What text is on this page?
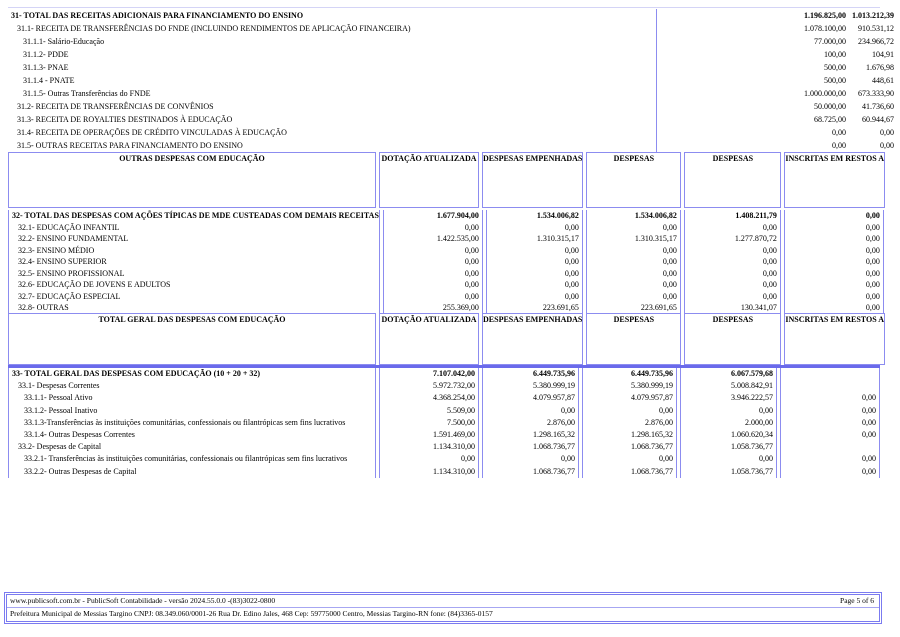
31- TOTAL DAS RECEITAS ADICIONAIS PARA FINANCIAMENTO DO ENSINO	1.196.825,00	1.013.212,39
31.1- RECEITA DE TRANSFERÊNCIAS DO FNDE (INCLUINDO RENDIMENTOS DE APLICAÇÃO FINANCEIRA)	1.078.100,00	910.531,12
31.1.1- Salário-Educação	77.000,00	234.966,72
31.1.2- PDDE	100,00	104,91
31.1.3- PNAE	500,00	1.676,98
31.1.4 - PNATE	500,00	448,61
31.1.5- Outras Transferências do FNDE	1.000.000,00	673.333,90
31.2- RECEITA DE TRANSFERÊNCIAS DE CONVÊNIOS	50.000,00	41.736,60
31.3- RECEITA DE ROYALTIES DESTINADOS À EDUCAÇÃO	68.725,00	60.944,67
31.4- RECEITA DE OPERAÇÕES DE CRÉDITO VINCULADAS À EDUCAÇÃO	0,00	0,00
31.5- OUTRAS RECEITAS PARA FINANCIAMENTO DO ENSINO	0,00	0,00
OUTRAS DESPESAS COM EDUCAÇÃO	DOTAÇÃO ATUALIZADA	DESPESAS EMPENHADAS	DESPESAS	DESPESAS	INSCRITAS EM RESTOS A
32- TOTAL DAS DESPESAS COM AÇÕES TÍPICAS DE MDE CUSTEADAS COM DEMAIS RECEITAS	1.677.904,00	1.534.006,82	1.534.006,82	1.408.211,79	0,00
32.1- EDUCAÇÃO INFANTIL	0,00	0,00	0,00	0,00	0,00
32.2- ENSINO FUNDAMENTAL	1.422.535,00	1.310.315,17	1.310.315,17	1.277.870,72	0,00
32.3- ENSINO MÉDIO	0,00	0,00	0,00	0,00	0,00
32.4- ENSINO SUPERIOR	0,00	0,00	0,00	0,00	0,00
32.5- ENSINO PROFISSIONAL	0,00	0,00	0,00	0,00	0,00
32.6- EDUCAÇÃO DE JOVENS E ADULTOS	0,00	0,00	0,00	0,00	0,00
32.7- EDUCAÇÃO ESPECIAL	0,00	0,00	0,00	0,00	0,00
32.8- OUTRAS	255.369,00	223.691,65	223.691,65	130.341,07	0,00
TOTAL GERAL DAS DESPESAS COM EDUCAÇÃO	DOTAÇÃO ATUALIZADA	DESPESAS EMPENHADAS	DESPESAS	DESPESAS	INSCRITAS EM RESTOS A
33- TOTAL GERAL DAS DESPESAS COM EDUCAÇÃO (10 + 20 + 32)	7.107.042,00	6.449.735,96	6.449.735,96	6.067.579,68	
33.1- Despesas Correntes	5.972.732,00	5.380.999,19	5.380.999,19	5.008.842,91	
33.1.1- Pessoal Ativo	4.368.254,00	4.079.957,87	4.079.957,87	3.946.222,57	0,00
33.1.2- Pessoal Inativo	5.509,00	0,00	0,00	0,00	0,00
33.1.3-Transferências às instituições comunitárias, confessionais ou filantrópicas sem fins lucrativos	7.500,00	2.876,00	2.876,00	2.000,00	0,00
33.1.4- Outras Despesas Correntes	1.591.469,00	1.298.165,32	1.298.165,32	1.060.620,34	0,00
33.2- Despesas de Capital	1.134.310,00	1.068.736,77	1.068.736,77	1.058.736,77	
33.2.1- Transferências às instituições comunitárias, confessionais ou filantrópicas sem fins lucrativos	0,00	0,00	0,00	0,00	0,00
33.2.2- Outras Despesas de Capital	1.134.310,00	1.068.736,77	1.068.736,77	1.058.736,77	0,00
www.publicsoft.com.br - PublicSoft Contabilidade - versão 2024.55.0.0 -(83)3022-0800	Page 5 of 6
Prefeitura Municipal de Messias Targino CNPJ: 08.349.060/0001-26 Rua Dr. Edino Jales, 468 Cep: 59775000 Centro, Messias Targino-RN fone: (84)3365-0157
